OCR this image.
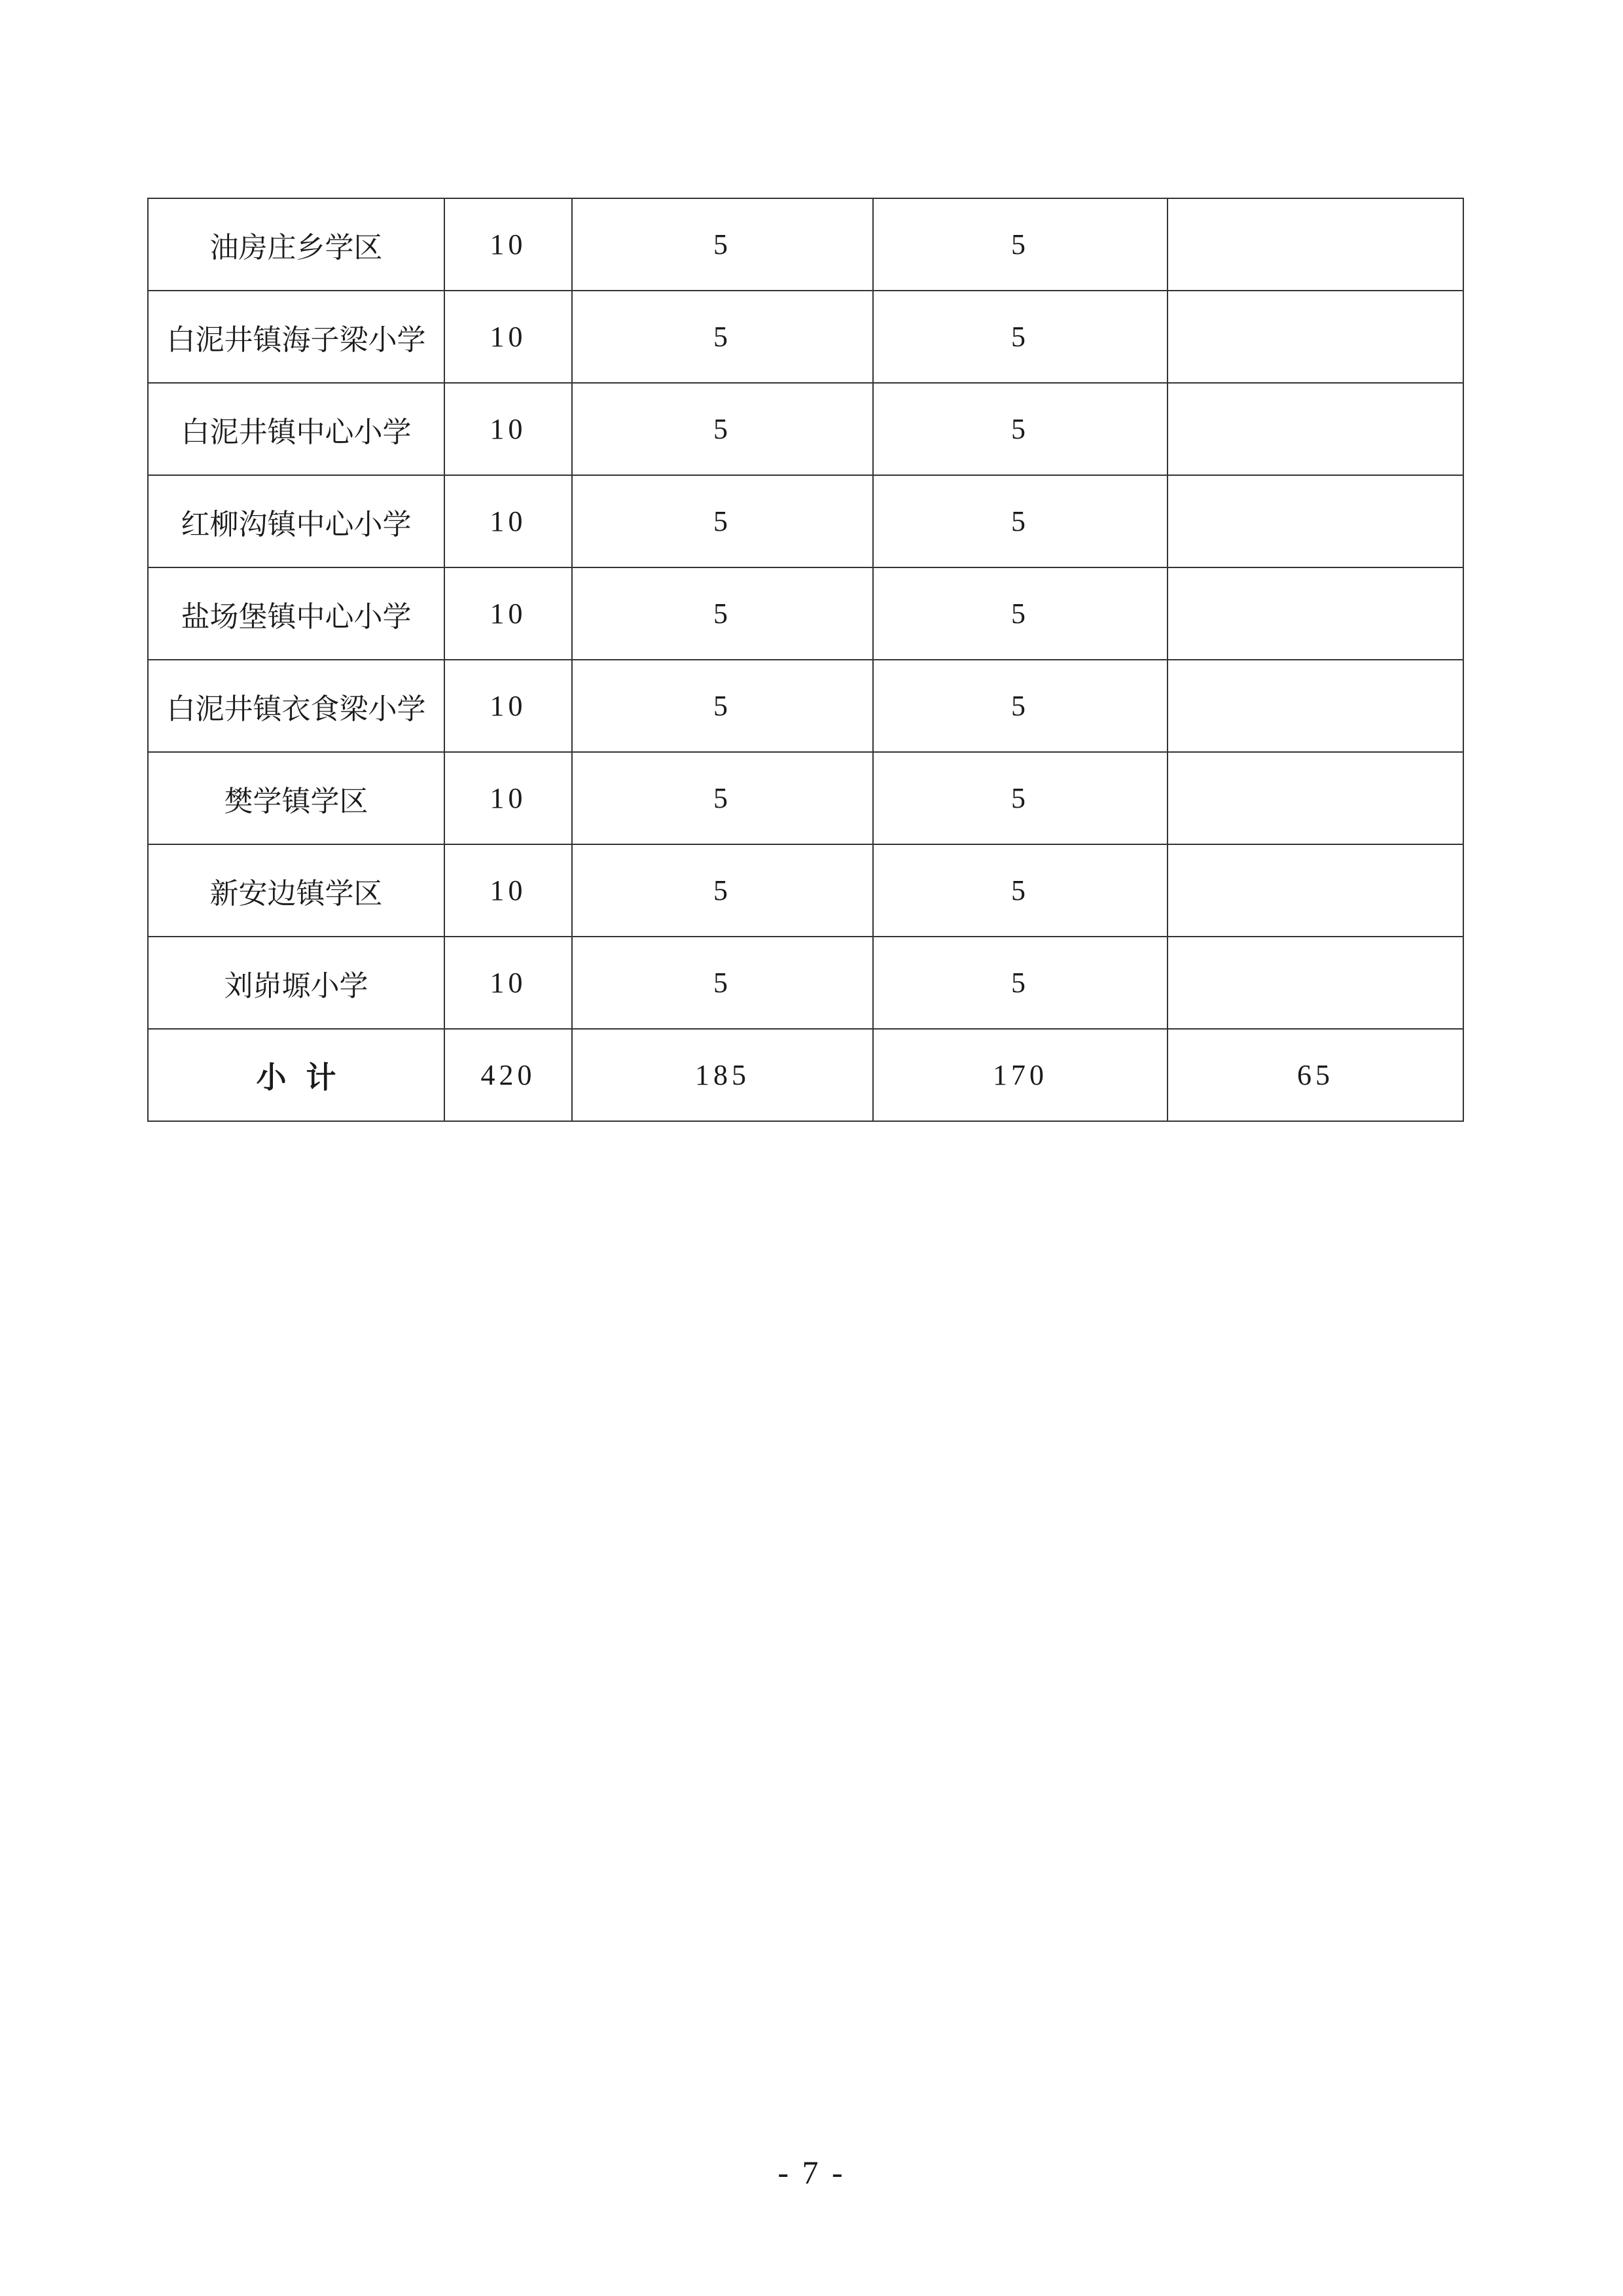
油房庄乡学区	10	5	5	
白泥井镇海子梁小学	10	5	5	
白泥井镇中心小学	10	5	5	
红柳沟镇中心小学	10	5	5	
盐场堡镇中心小学	10	5	5	
白泥井镇衣食梁小学	10	5	5	
樊学镇学区	10	5	5	
新安边镇学区	10	5	5	
刘峁塬小学	10	5	5	
小计	420	185	170	65
- 7 -
